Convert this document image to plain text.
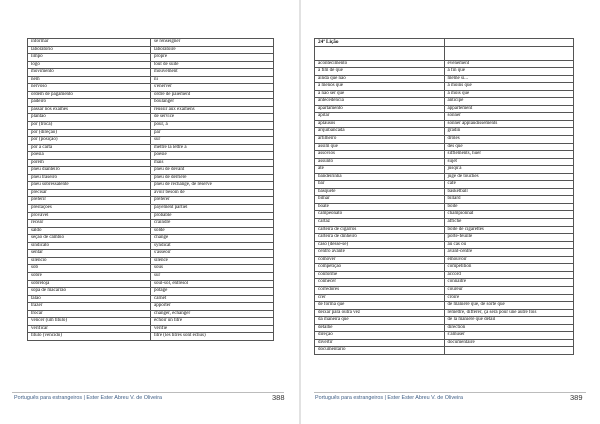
informar	se renseigner
laboratório	laboratoire
limpo	propre
logo	tout de suite
movimento	mouvement
nem	ni
nervoso	s'énerver
ordem de pagamento	ordre de paiement
padeiro	boulanger
passar nos exames	réussir aux examens
plantão	de service
por (troca)	pour, à
por (direção)	par
por (posição)	sur
pôr a carta	mettre la lettre à
poesia	poésie
porém	mais
pneu dianteiro	pneu de devant
pneu traseiro	pneu de derrière
pneu sobressalente	pneu de rechange, de réserve
precisar	avoir besoin de
preferir	préférer
prestações	payement partiel
provável	probable
recear	craindre
saldo	solde
seção de câmbio	change
sindicato	syndicat
sentar	s'asseoir
silêncio	silence
sob	sous
sobre	sur
sobreloja	soul-sol, entresol
sopa de macarrão	potage
talão	carnet
trazer	apporter
trocar	changer, échanger
vencer (um título)	échoir un titre
verificar	vérifie
título (vencido)	titre (les titres sont échus)
Português para estrangeiros | Ester Ester Abreu V. de Oliveira	388
24ª Lição	

acontecimento	évènement
a fim de que	à fin que
ainda que não	même si...
a menos que	à moins que
a não ser que	à mois que
antecedência	anticipé
apartamento	appartement
apitar	sonner
aplausos	sonner applaudissements
arquibancada	gradin
artilheiro	drôles
assim que	dès que
assovios	sifflements, huer
assunto	sujet
até	jusqu'à
bandeirinha	juge de touches
bar	café
basquete	basketball
bilhar	billard
boate	boîte
campeonato	championnat
cartaz	affiche
carteira de cigarros	boîte de cigarettes
carteira de dinheiro	porte-feuille
caso (desse-se)	au cas où
centro avante	avant-centre
comover	émouvoir
competição	compétition
conforme	accord
conhecer	connaître
corredores	coureur
crer	croire
de forma que	de manière que, de sorte que
deixar para outra vez	remettre, différer, ça sera pour une autre fois
da maneira que	de la manière que détail
detalhe	direction
direção	s'amuser
divertir	documentaire
documentário	
Português para estrangeiros | Ester Ester Abreu V. de Oliveira	389
